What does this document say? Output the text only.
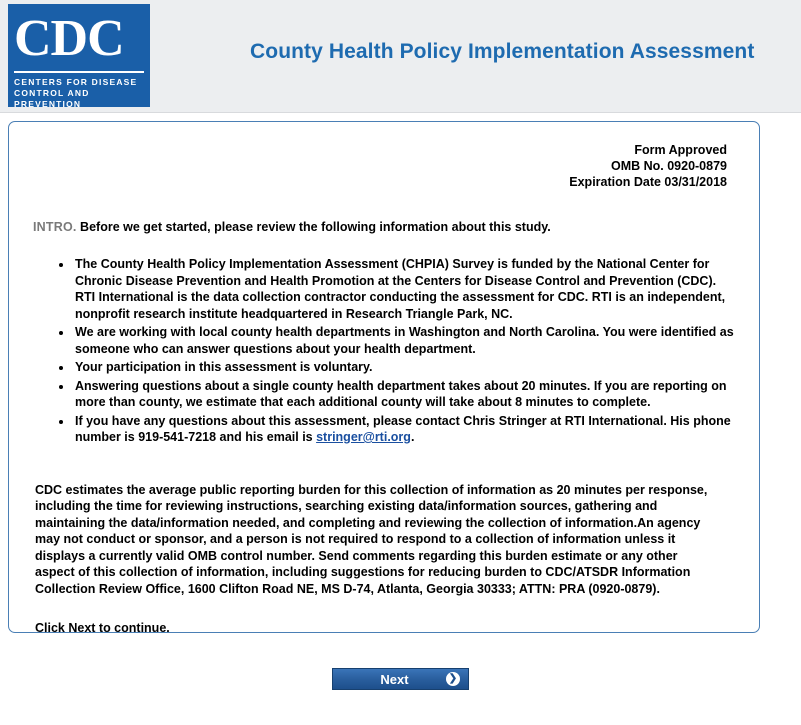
CDC
CENTERS FOR DISEASE
CONTROL AND PREVENTION
County Health Policy Implementation Assessment
Form Approved
OMB No. 0920-0879
Expiration Date 03/31/2018
INTRO. Before we get started, please review the following information about this study.
• The County Health Policy Implementation Assessment (CHPIA) Survey is funded by the National Center for Chronic Disease Prevention and Health Promotion at the Centers for Disease Control and Prevention (CDC). RTI International is the data collection contractor conducting the assessment for CDC. RTI is an independent, nonprofit research institute headquartered in Research Triangle Park, NC.
• We are working with local county health departments in Washington and North Carolina. You were identified as someone who can answer questions about your health department.
• Your participation in this assessment is voluntary.
• Answering questions about a single county health department takes about 20 minutes. If you are reporting on more than county, we estimate that each additional county will take about 8 minutes to complete.
• If you have any questions about this assessment, please contact Chris Stringer at RTI International. His phone number is 919-541-7218 and his email is stringer@rti.org.
CDC estimates the average public reporting burden for this collection of information as 20 minutes per response, including the time for reviewing instructions, searching existing data/information sources, gathering and maintaining the data/information needed, and completing and reviewing the collection of information.An agency may not conduct or sponsor, and a person is not required to respond to a collection of information unless it displays a currently valid OMB control number. Send comments regarding this burden estimate or any other aspect of this collection of information, including suggestions for reducing burden to CDC/ATSDR Information Collection Review Office, 1600 Clifton Road NE, MS D-74, Atlanta, Georgia 30333; ATTN: PRA (0920-0879).
Click Next to continue.
Next	❯
